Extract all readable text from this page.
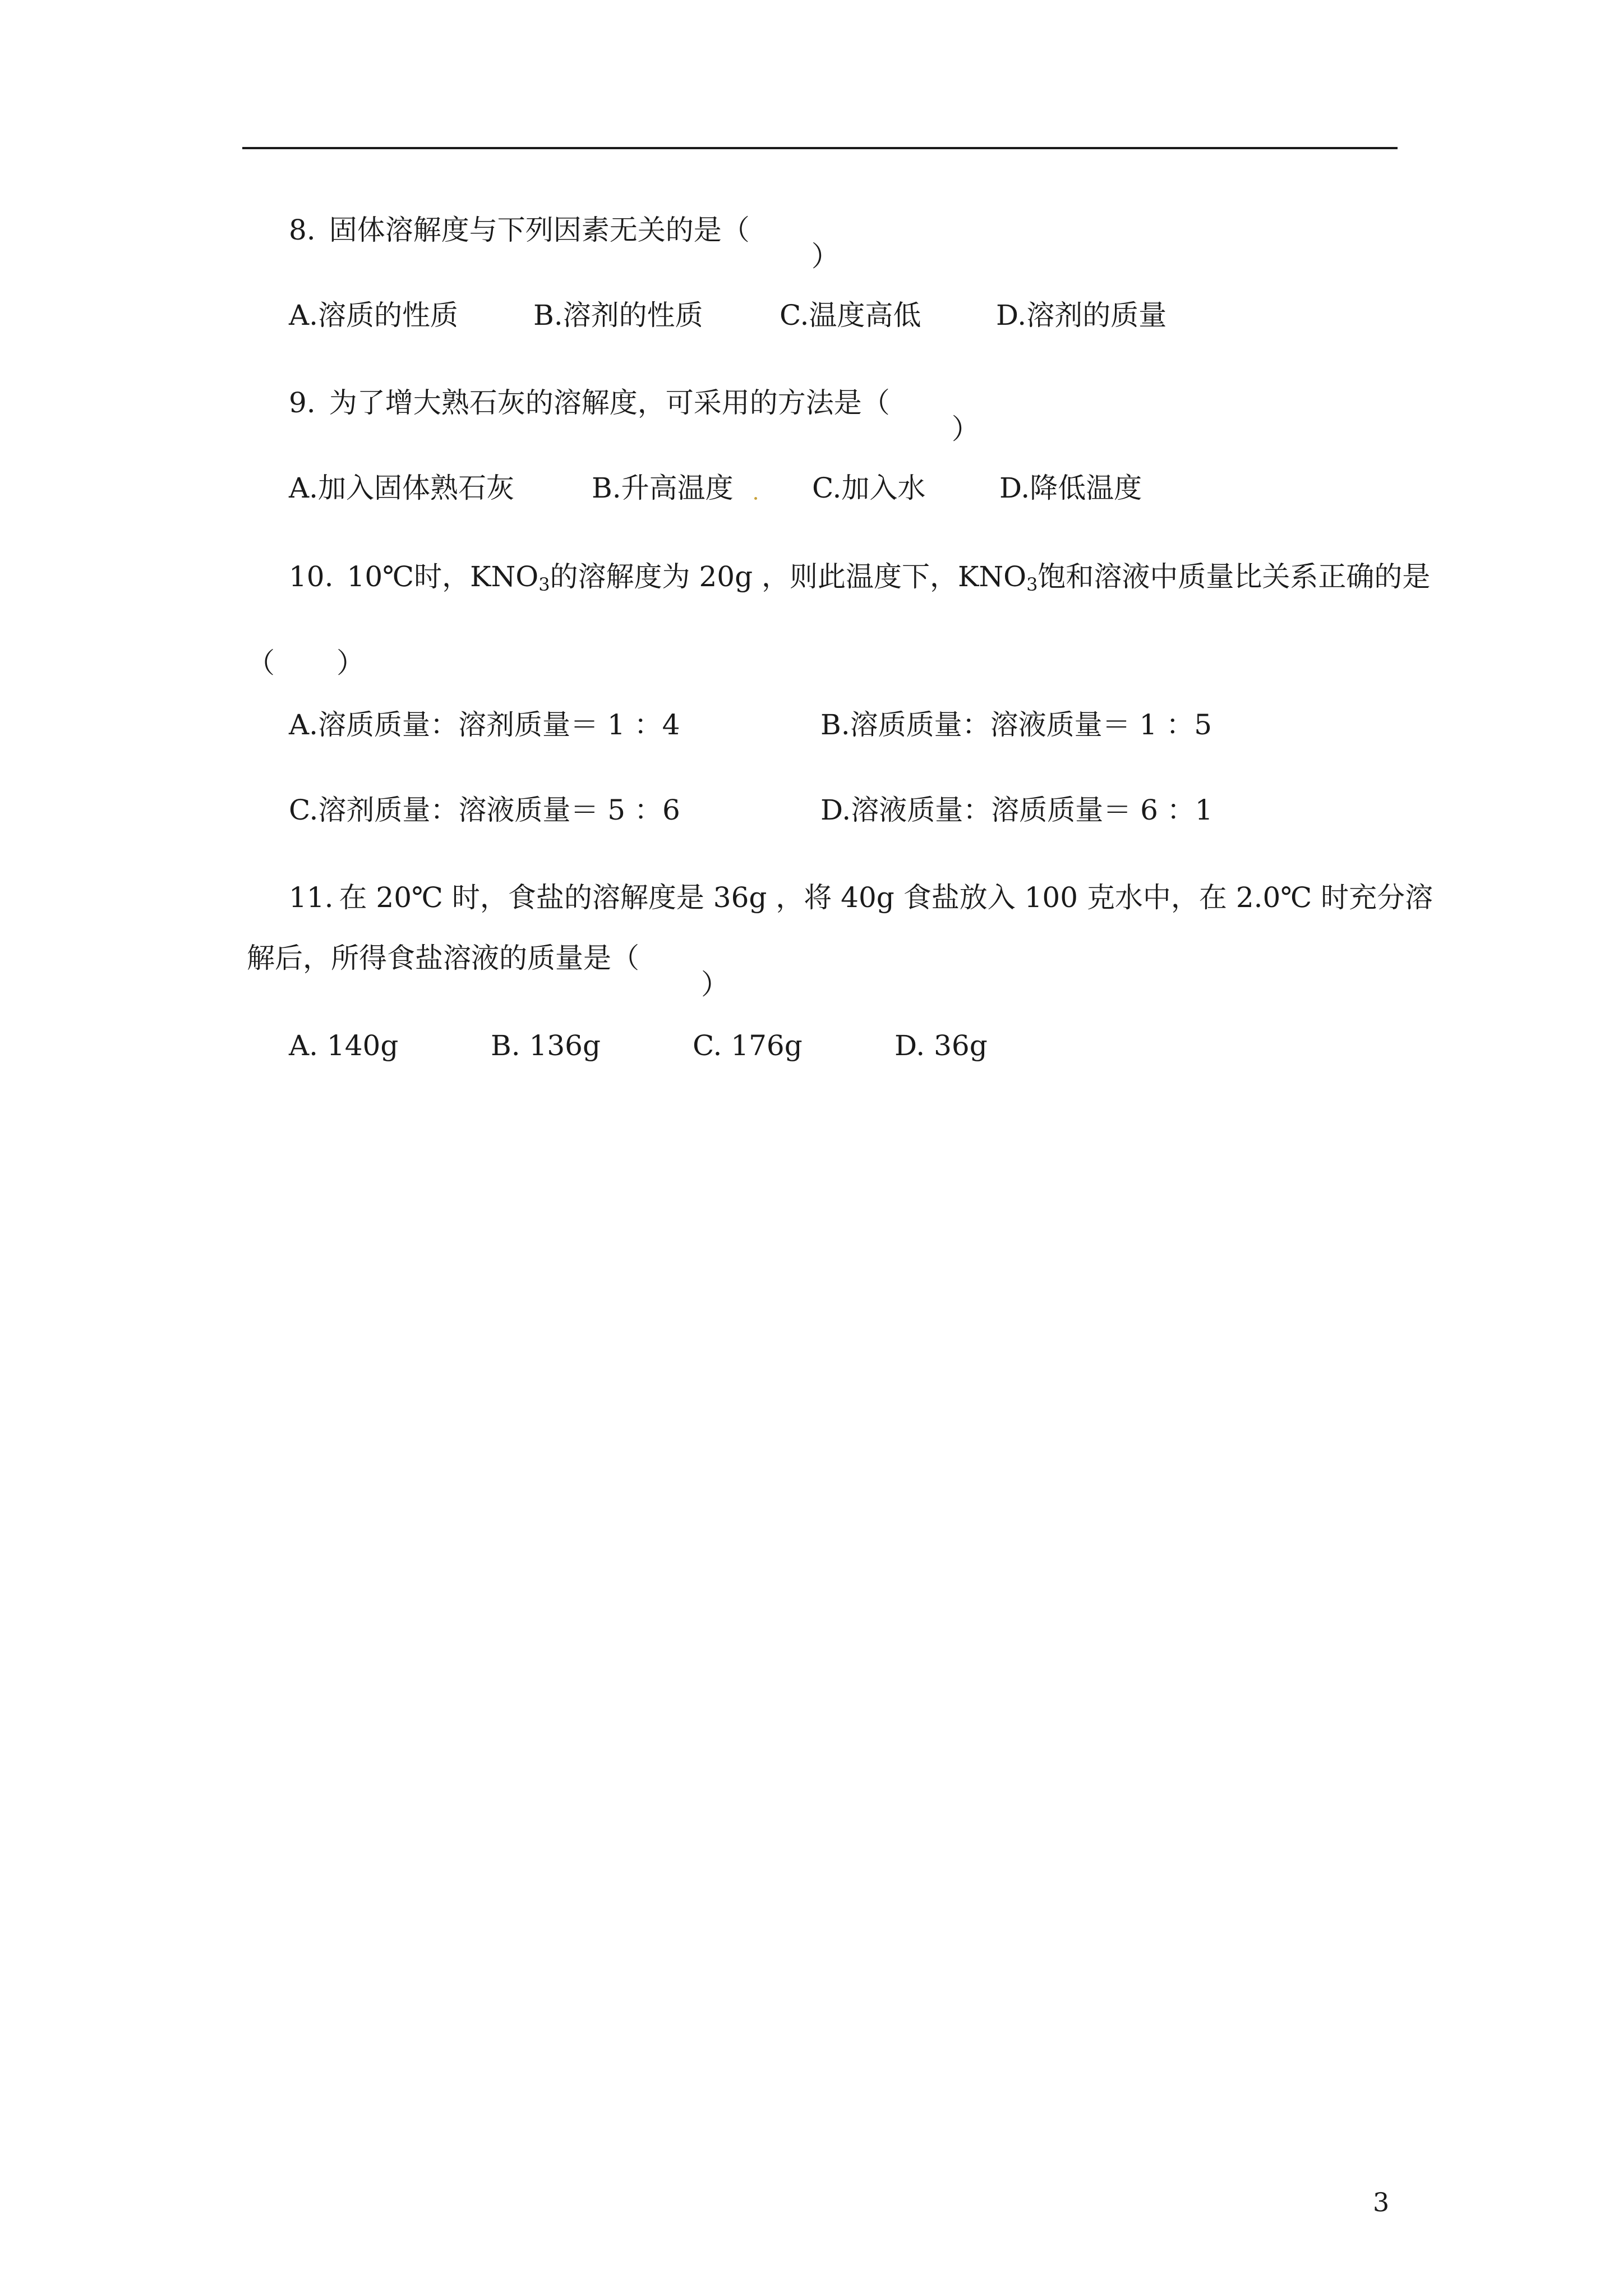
8. 固体溶解度与下列因素无关的是（
）
A.溶质的性质	B.溶剂的性质	C.温度高低	D.溶剂的质量
9. 为了增大熟石灰的溶解度，可采用的方法是（
）
A.加入固体熟石灰	B.升高温度	C.加入水	D.降低温度
10. 10℃时，$KNO_3$的溶解度为 20g ，则此温度下，$KNO_3$饱和溶液中质量比关系正确的是
（ ）
A.溶质质量：溶剂质量＝ 1 ：4	B.溶质质量：溶液质量＝ 1 ：5
C.溶剂质量：溶液质量＝ 5 ：6	D.溶液质量：溶质质量＝ 6 ：1
11. 在 20℃ 时，食盐的溶解度是 36g ，将 40g 食盐放入 100 克水中，在 2.0℃ 时充分溶
解后，所得食盐溶液的质量是（
）
A. 140g	B. 136g	C. 176g	D. 36g
3
